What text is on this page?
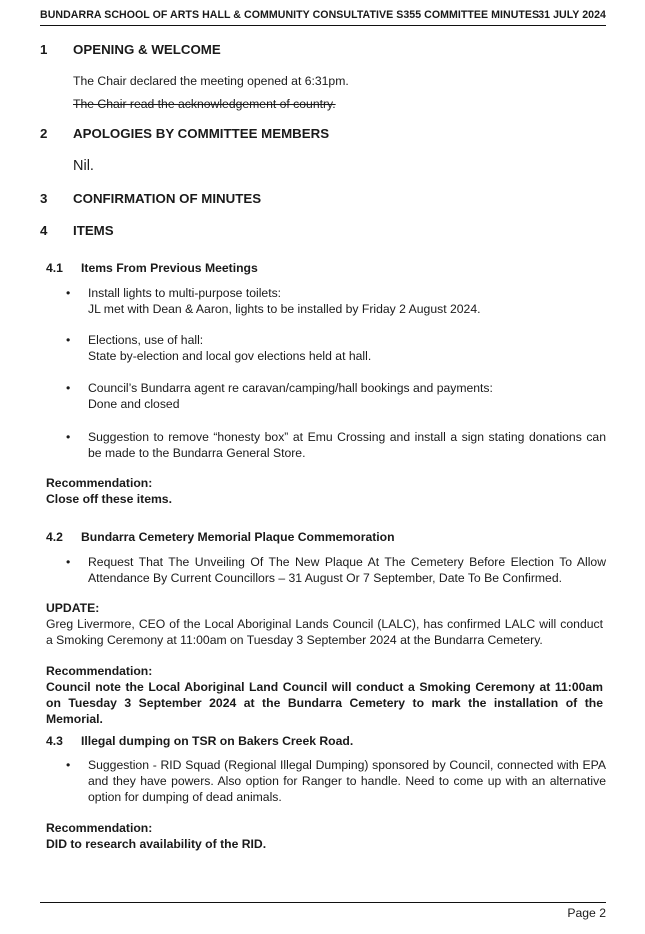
BUNDARRA SCHOOL OF ARTS HALL & COMMUNITY CONSULTATIVE S355 COMMITTEE MINUTES 31 JULY 2024
1 OPENING & WELCOME
The Chair declared the meeting opened at 6:31pm.
The Chair read the acknowledgement of country.
2 APOLOGIES BY COMMITTEE MEMBERS
Nil.
3 CONFIRMATION OF MINUTES
4 ITEMS
4.1 Items From Previous Meetings
• Install lights to multi-purpose toilets:
JL met with Dean & Aaron, lights to be installed by Friday 2 August 2024.
• Elections, use of hall:
State by-election and local gov elections held at hall.
• Council’s Bundarra agent re caravan/camping/hall bookings and payments:
Done and closed
• Suggestion to remove “honesty box” at Emu Crossing and install a sign stating donations can be made to the Bundarra General Store.
Recommendation:
Close off these items.
4.2 Bundarra Cemetery Memorial Plaque Commemoration
• Request That The Unveiling Of The New Plaque At The Cemetery Before Election To Allow Attendance By Current Councillors – 31 August Or 7 September, Date To Be Confirmed.
UPDATE:
Greg Livermore, CEO of the Local Aboriginal Lands Council (LALC), has confirmed LALC will conduct a Smoking Ceremony at 11:00am on Tuesday 3 September 2024 at the Bundarra Cemetery.
Recommendation:
Council note the Local Aboriginal Land Council will conduct a Smoking Ceremony at 11:00am on Tuesday 3 September 2024 at the Bundarra Cemetery to mark the installation of the Memorial.
4.3 Illegal dumping on TSR on Bakers Creek Road.
• Suggestion - RID Squad (Regional Illegal Dumping) sponsored by Council, connected with EPA and they have powers. Also option for Ranger to handle. Need to come up with an alternative option for dumping of dead animals.
Recommendation:
DID to research availability of the RID.
Page 2
